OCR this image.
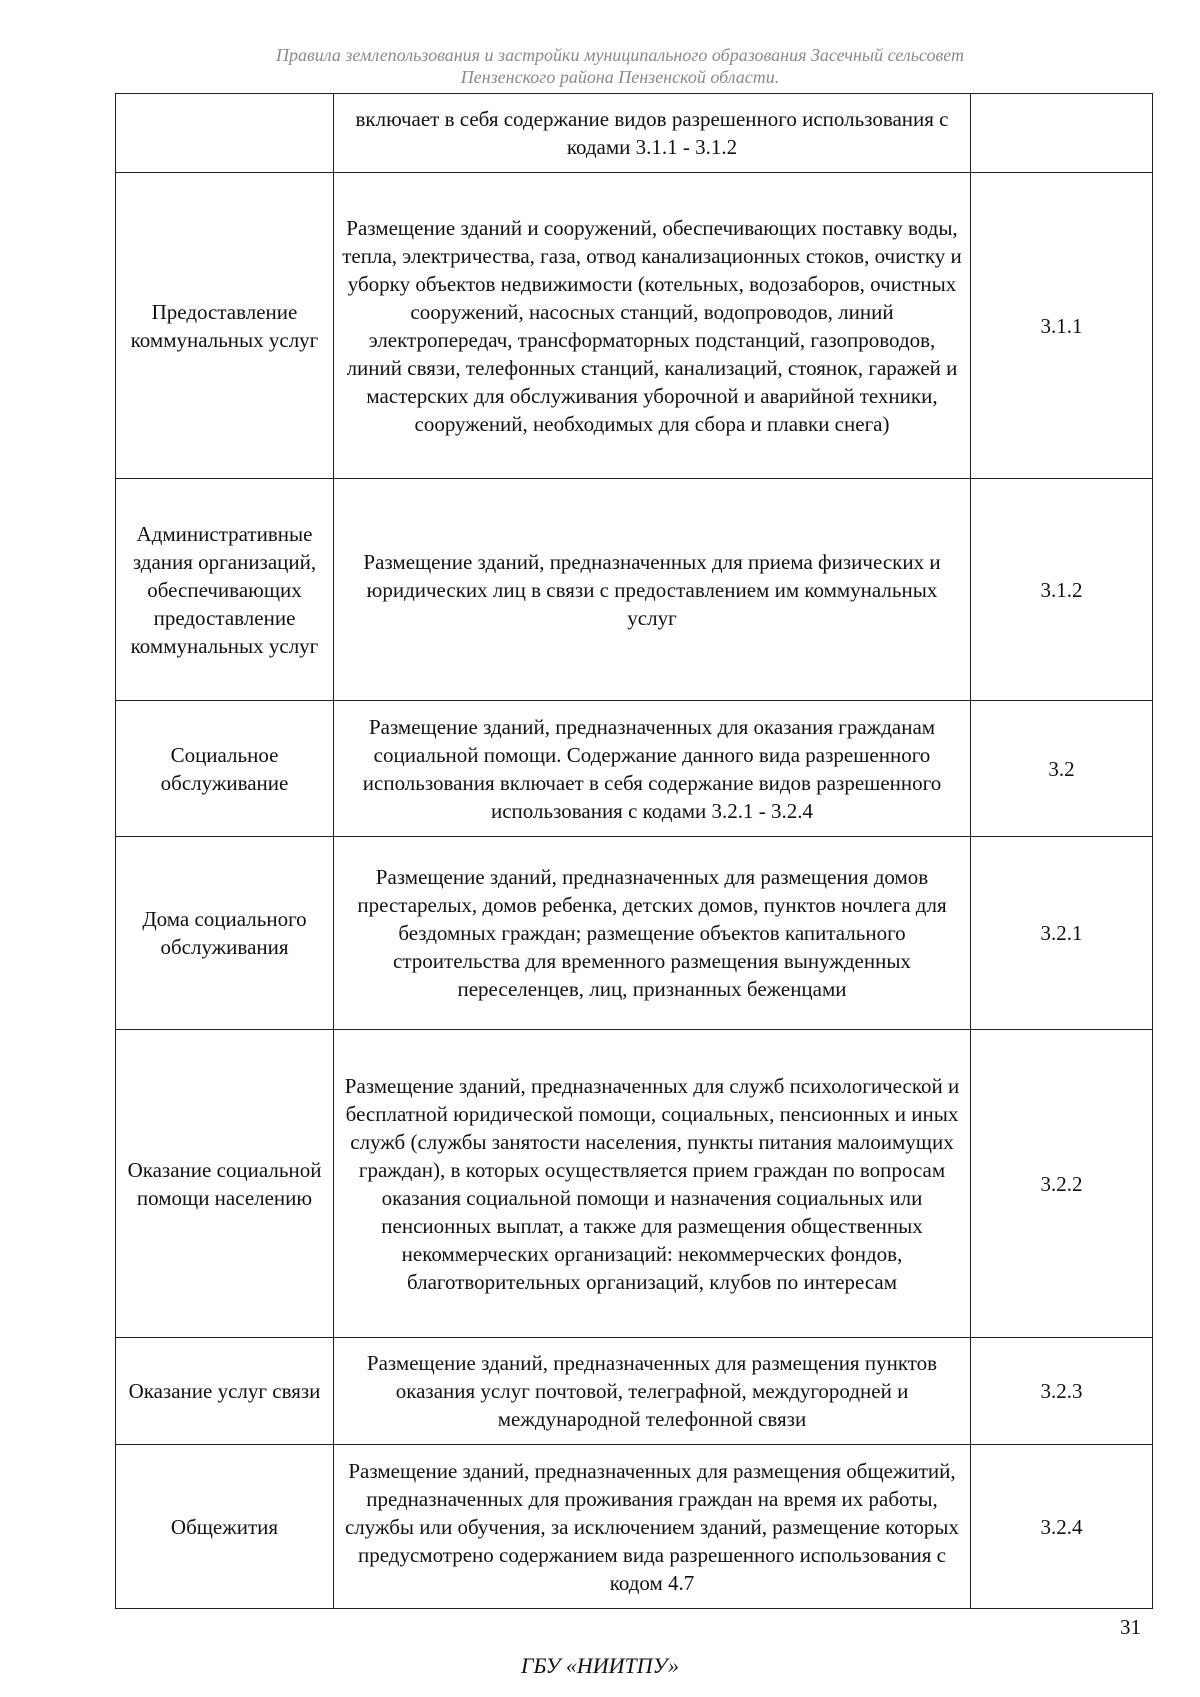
Правила землепользования и застройки муниципального образования Засечный сельсовет
Пензенского района Пензенской области.
	включает в себя содержание видов разрешенного использования с кодами 3.1.1 - 3.1.2	
Предоставление коммунальных услуг	Размещение зданий и сооружений, обеспечивающих поставку воды, тепла, электричества, газа, отвод канализационных стоков, очистку и уборку объектов недвижимости (котельных, водозаборов, очистных сооружений, насосных станций, водопроводов, линий электропередач, трансформаторных подстанций, газопроводов, линий связи, телефонных станций, канализаций, стоянок, гаражей и мастерских для обслуживания уборочной и аварийной техники, сооружений, необходимых для сбора и плавки снега)	3.1.1
Административные здания организаций, обеспечивающих предоставление коммунальных услуг	Размещение зданий, предназначенных для приема физических и юридических лиц в связи с предоставлением им коммунальных услуг	3.1.2
Социальное обслуживание	Размещение зданий, предназначенных для оказания гражданам социальной помощи. Содержание данного вида разрешенного использования включает в себя содержание видов разрешенного использования с кодами 3.2.1 - 3.2.4	3.2
Дома социального обслуживания	Размещение зданий, предназначенных для размещения домов престарелых, домов ребенка, детских домов, пунктов ночлега для бездомных граждан; размещение объектов капитального строительства для временного размещения вынужденных переселенцев, лиц, признанных беженцами	3.2.1
Оказание социальной помощи населению	Размещение зданий, предназначенных для служб психологической и бесплатной юридической помощи, социальных, пенсионных и иных служб (службы занятости населения, пункты питания малоимущих граждан), в которых осуществляется прием граждан по вопросам оказания социальной помощи и назначения социальных или пенсионных выплат, а также для размещения общественных некоммерческих организаций: некоммерческих фондов, благотворительных организаций, клубов по интересам	3.2.2
Оказание услуг связи	Размещение зданий, предназначенных для размещения пунктов оказания услуг почтовой, телеграфной, междугородней и международной телефонной связи	3.2.3
Общежития	Размещение зданий, предназначенных для размещения общежитий, предназначенных для проживания граждан на время их работы, службы или обучения, за исключением зданий, размещение которых предусмотрено содержанием вида разрешенного использования с кодом 4.7	3.2.4
31
ГБУ «НИИТПУ»
